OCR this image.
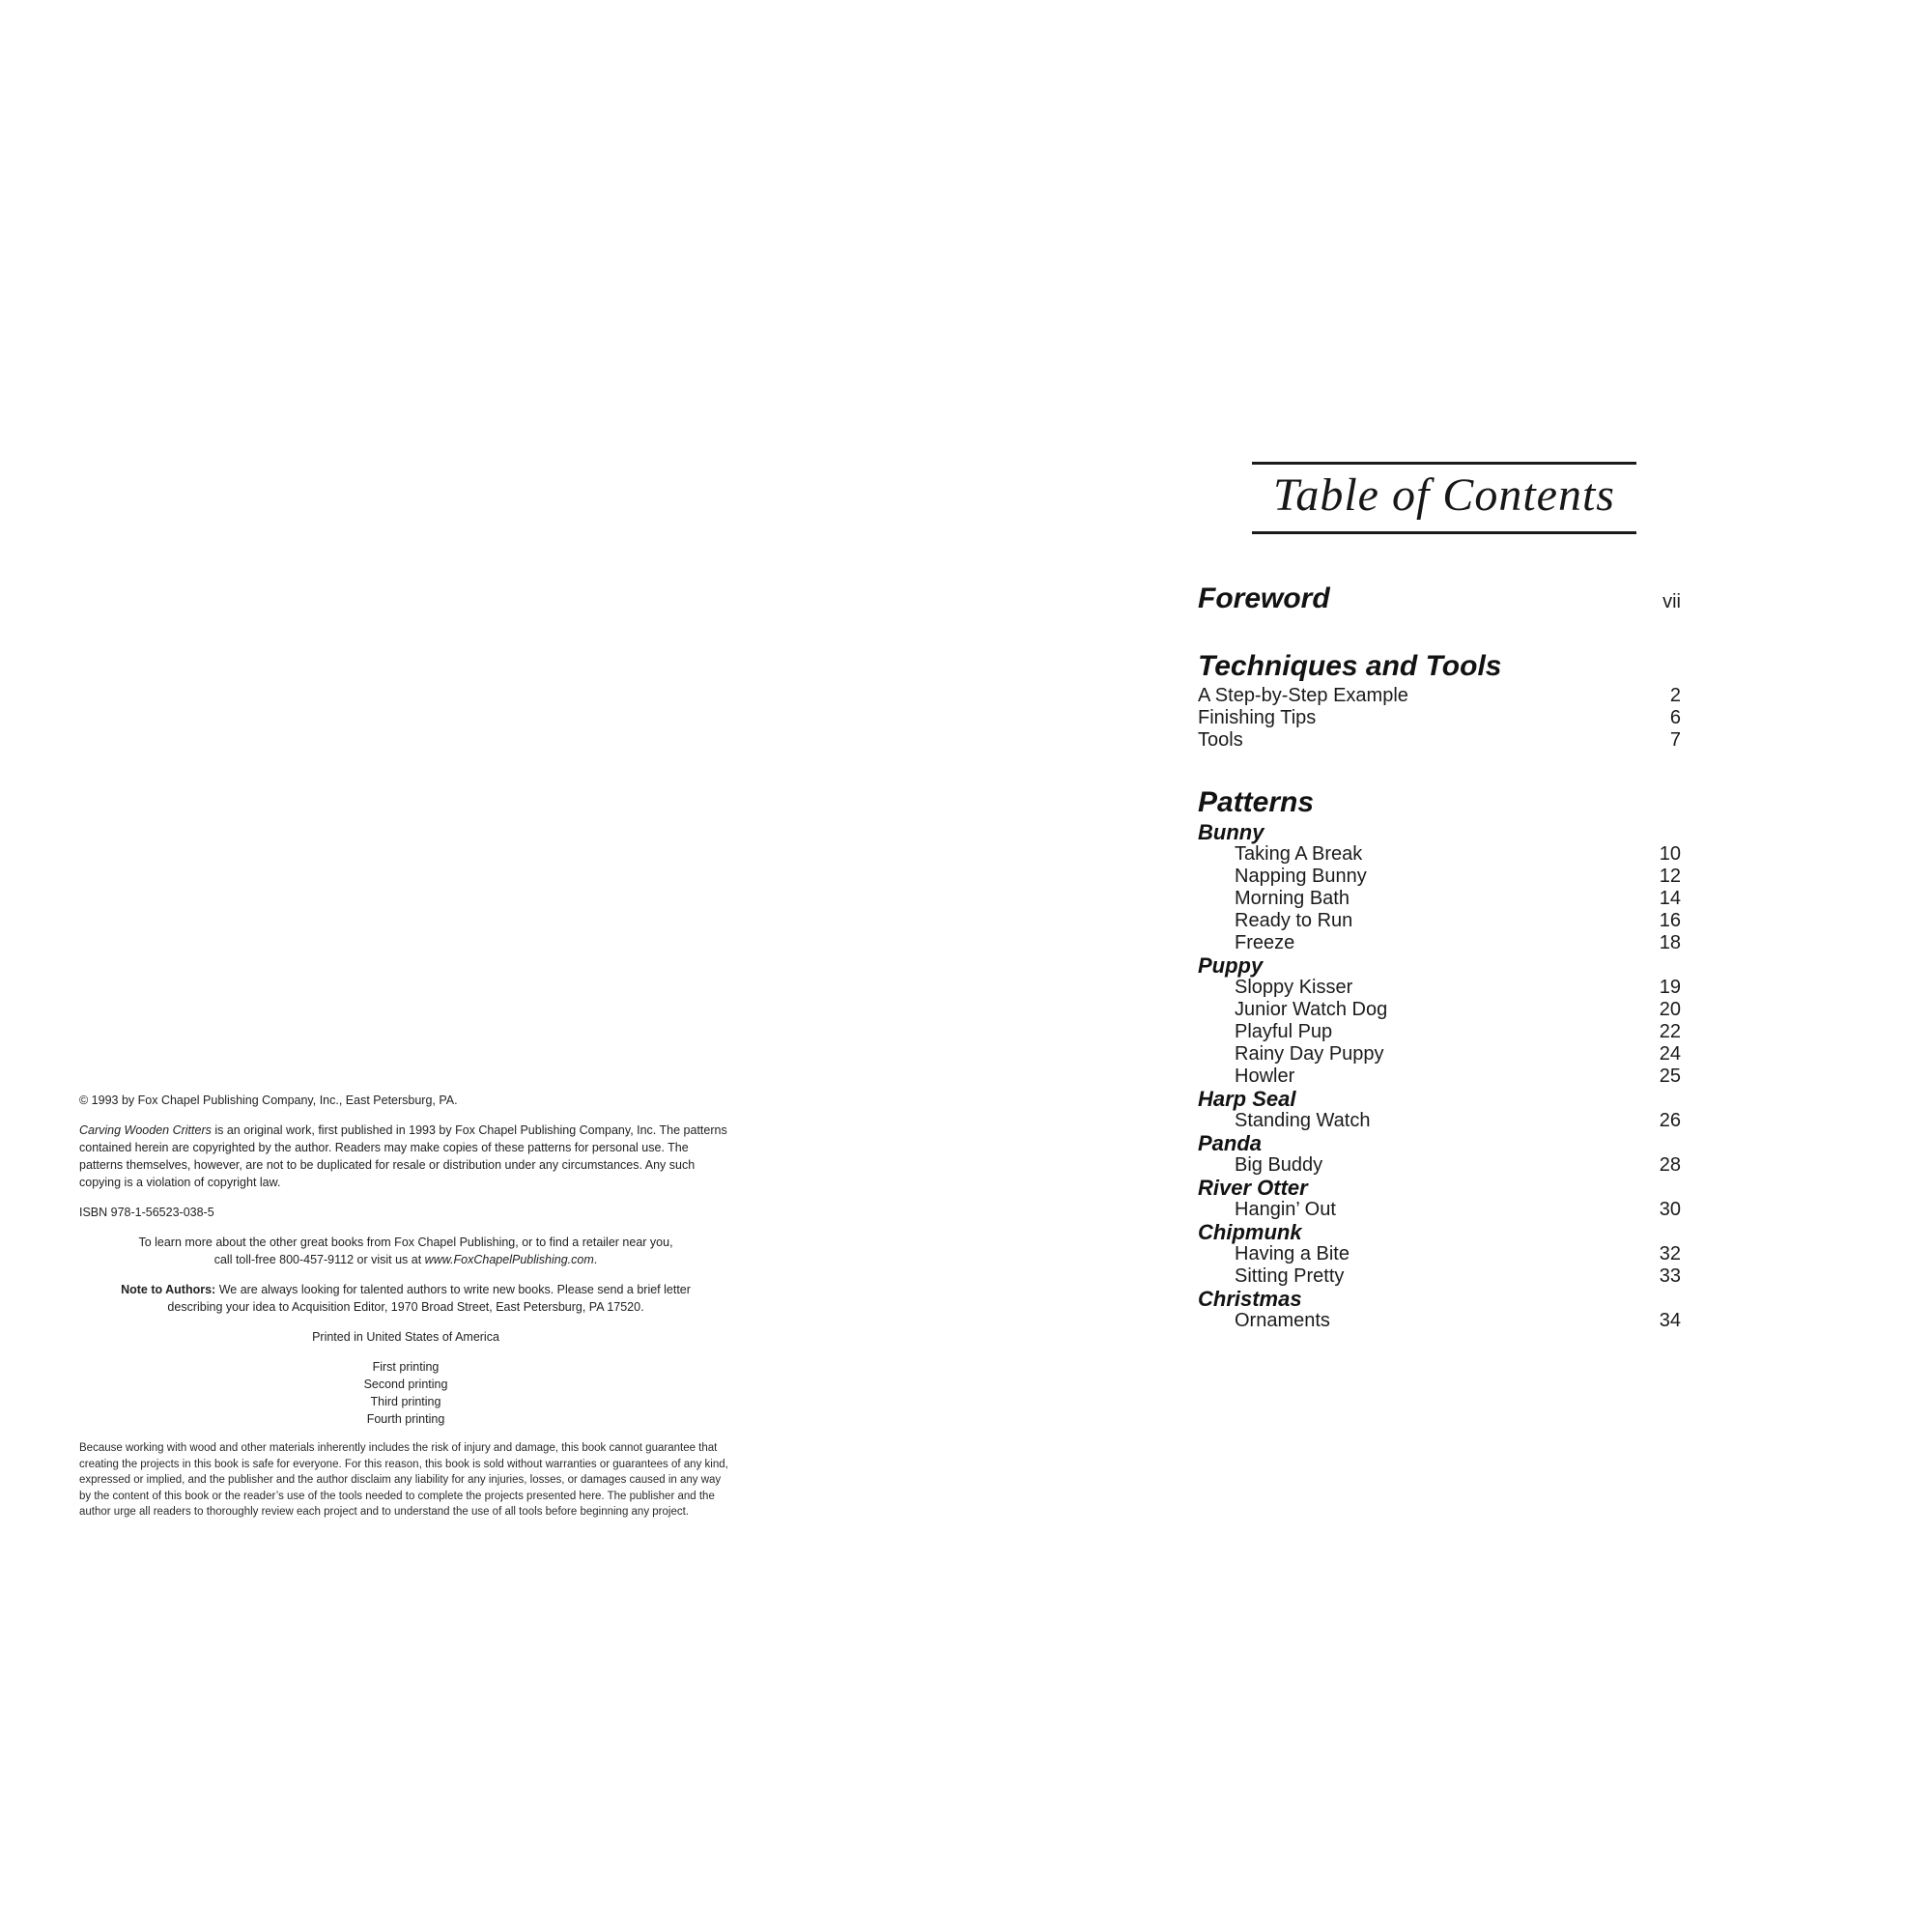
© 1993 by Fox Chapel Publishing Company, Inc., East Petersburg, PA.

Carving Wooden Critters is an original work, first published in 1993 by Fox Chapel Publishing Company, Inc. The patterns contained herein are copyrighted by the author. Readers may make copies of these patterns for personal use. The patterns themselves, however, are not to be duplicated for resale or distribution under any circumstances. Any such copying is a violation of copyright law.

ISBN 978-1-56523-038-5

To learn more about the other great books from Fox Chapel Publishing, or to find a retailer near you,
call toll-free 800-457-9112 or visit us at www.FoxChapelPublishing.com.

Note to Authors: We are always looking for talented authors to write new books. Please send a brief letter
describing your idea to Acquisition Editor, 1970 Broad Street, East Petersburg, PA 17520.

Printed in United States of America

First printing
Second printing
Third printing
Fourth printing

Because working with wood and other materials inherently includes the risk of injury and damage, this book cannot guarantee that creating the projects in this book is safe for everyone. For this reason, this book is sold without warranties or guarantees of any kind, expressed or implied, and the publisher and the author disclaim any liability for any injuries, losses, or damages caused in any way by the content of this book or the reader’s use of the tools needed to complete the projects presented here. The publisher and the author urge all readers to thoroughly review each project and to understand the use of all tools before beginning any project.

Table of Contents
Foreword	vii
Techniques and Tools
A Step-by-Step Example	2
Finishing Tips	6
Tools	7
Patterns
Bunny
Taking A Break	10
Napping Bunny	12
Morning Bath	14
Ready to Run	16
Freeze	18
Puppy
Sloppy Kisser	19
Junior Watch Dog	20
Playful Pup	22
Rainy Day Puppy	24
Howler	25
Harp Seal
Standing Watch	26
Panda
Big Buddy	28
River Otter
Hangin’ Out	30
Chipmunk
Having a Bite	32
Sitting Pretty	33
Christmas
Ornaments	34
